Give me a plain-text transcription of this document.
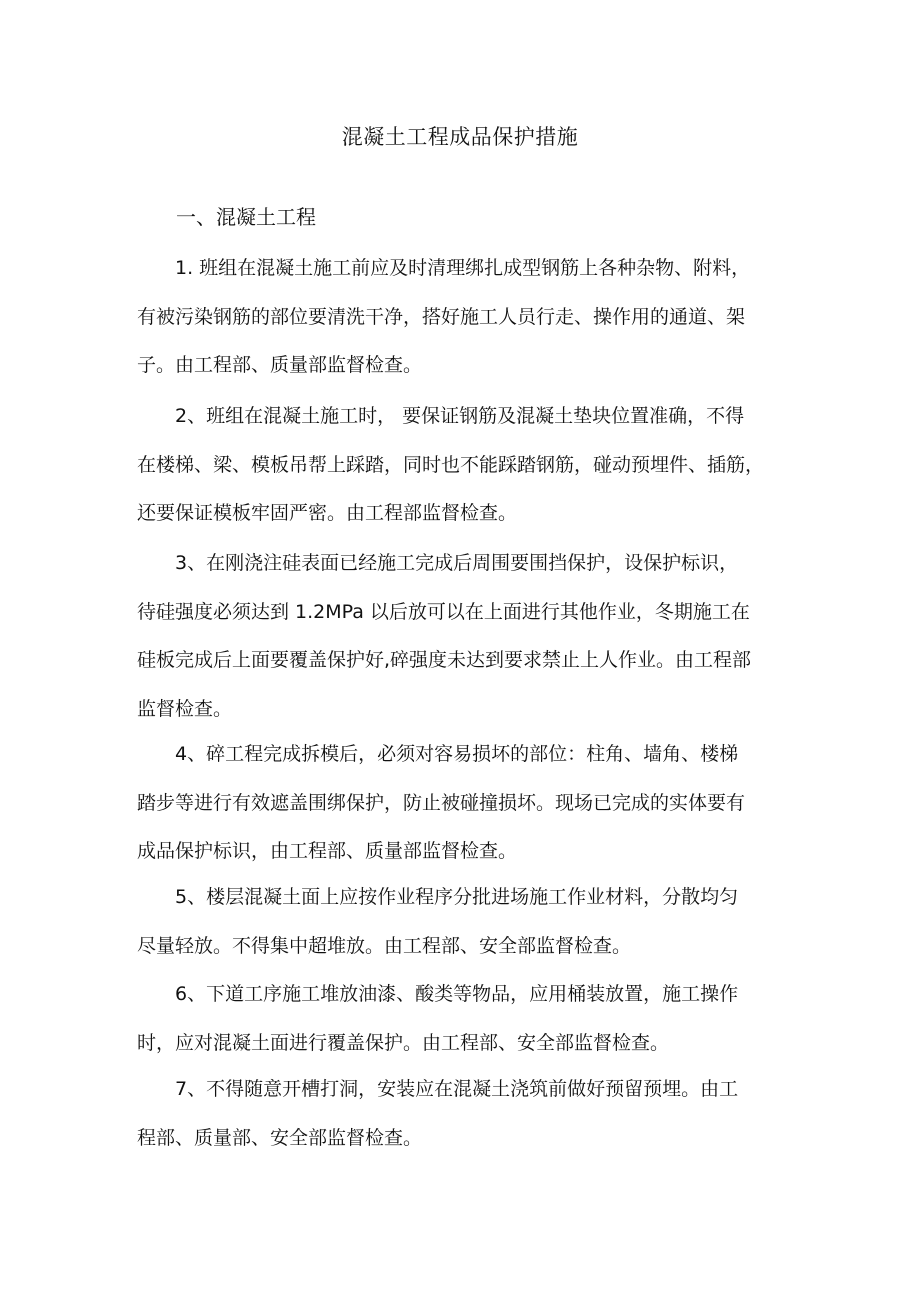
混凝土工程成品保护措施
一、混凝土工程
1. 班组在混凝土施工前应及时清理绑扎成型钢筋上各种杂物、附料，
有被污染钢筋的部位要清洗干净，搭好施工人员行走、操作用的通道、架
子。由工程部、质量部监督检查。
2、班组在混凝土施工时， 要保证钢筋及混凝土垫块位置准确，不得
在楼梯、梁、模板吊帮上踩踏，同时也不能踩踏钢筋，碰动预埋件、插筋，
还要保证模板牢固严密。由工程部监督检查。
3、在刚浇注硅表面已经施工完成后周围要围挡保护，设保护标识，
待硅强度必须达到 1.2MPa 以后放可以在上面进行其他作业，冬期施工在
硅板完成后上面要覆盖保护好,碎强度未达到要求禁止上人作业。由工程部
监督检查。
4、碎工程完成拆模后，必须对容易损坏的部位：柱角、墙角、楼梯
踏步等进行有效遮盖围绑保护，防止被碰撞损坏。现场已完成的实体要有
成品保护标识，由工程部、质量部监督检查。
5、楼层混凝土面上应按作业程序分批进场施工作业材料，分散均匀
尽量轻放。不得集中超堆放。由工程部、安全部监督检查。
6、下道工序施工堆放油漆、酸类等物品，应用桶装放置，施工操作
时，应对混凝土面进行覆盖保护。由工程部、安全部监督检查。
7、不得随意开槽打洞，安装应在混凝土浇筑前做好预留预埋。由工
程部、质量部、安全部监督检查。
